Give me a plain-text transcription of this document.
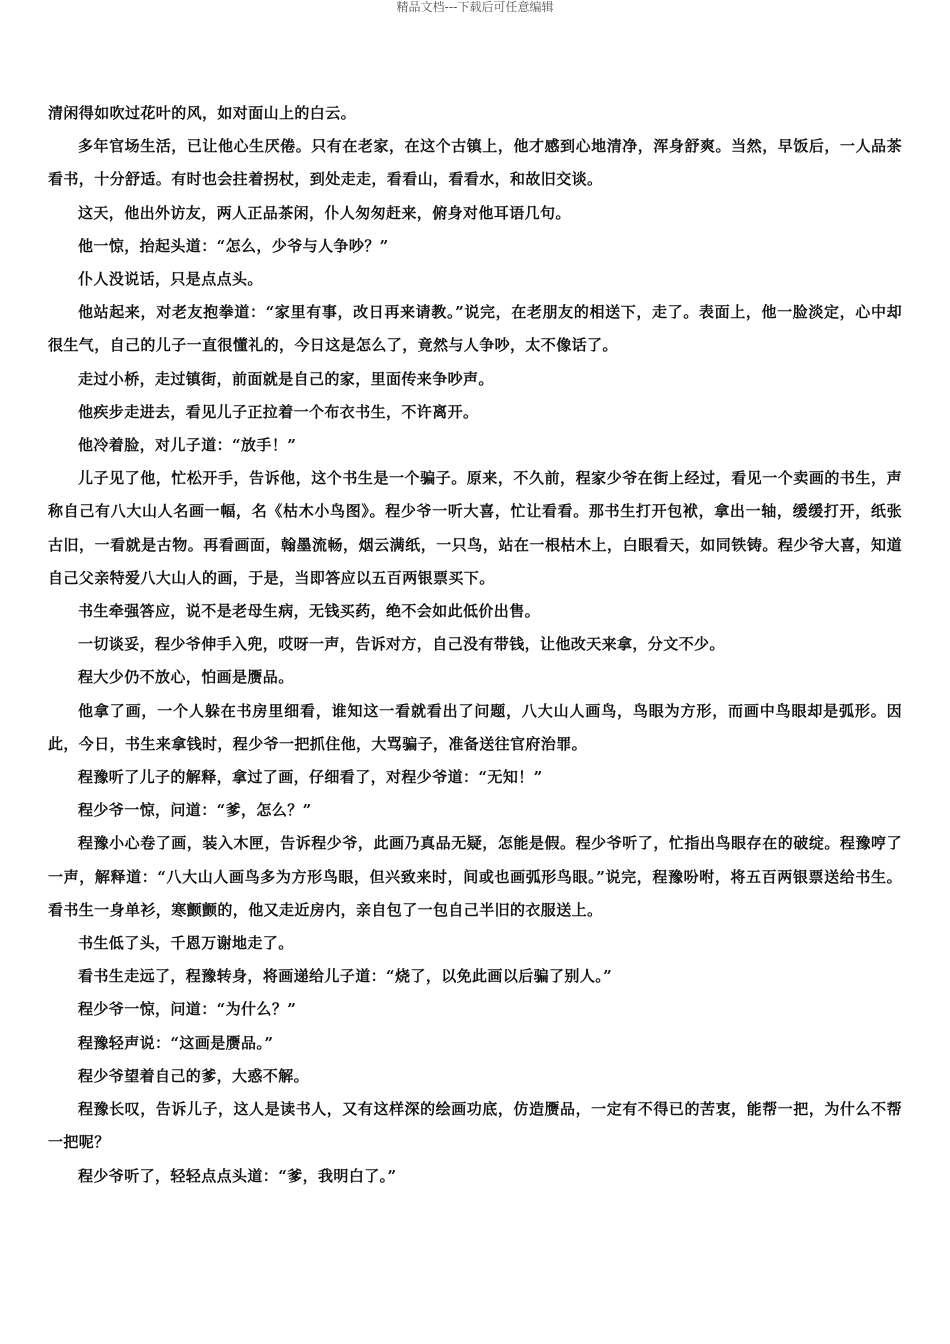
精品文档---下载后可任意编辑

清闲得如吹过花叶的风，如对面山上的白云。

多年官场生活，已让他心生厌倦。只有在老家，在这个古镇上，他才感到心地清净，浑身舒爽。当然，早饭后，一人品茶看书，十分舒适。有时也会拄着拐杖，到处走走，看看山，看看水，和故旧交谈。

这天，他出外访友，两人正品茶闲，仆人匆匆赶来，俯身对他耳语几句。

他一惊，抬起头道：“怎么，少爷与人争吵？”

仆人没说话，只是点点头。

他站起来，对老友抱拳道：“家里有事，改日再来请教。”说完，在老朋友的相送下，走了。表面上，他一脸淡定，心中却很生气，自己的儿子一直很懂礼的，今日这是怎么了，竟然与人争吵，太不像话了。

走过小桥，走过镇街，前面就是自己的家，里面传来争吵声。

他疾步走进去，看见儿子正拉着一个布衣书生，不许离开。

他冷着脸，对儿子道：“放手！”

儿子见了他，忙松开手，告诉他，这个书生是一个骗子。原来，不久前，程家少爷在街上经过，看见一个卖画的书生，声称自己有八大山人名画一幅，名《枯木小鸟图》。程少爷一听大喜，忙让看看。那书生打开包袱，拿出一轴，缓缓打开，纸张古旧，一看就是古物。再看画面，翰墨流畅，烟云满纸，一只鸟，站在一根枯木上，白眼看天，如同铁铸。程少爷大喜，知道自己父亲特爱八大山人的画，于是，当即答应以五百两银票买下。

书生牵强答应，说不是老母生病，无钱买药，绝不会如此低价出售。

一切谈妥，程少爷伸手入兜，哎呀一声，告诉对方，自己没有带钱，让他改天来拿，分文不少。

程大少仍不放心，怕画是赝品。

他拿了画，一个人躲在书房里细看，谁知这一看就看出了问题，八大山人画鸟，鸟眼为方形，而画中鸟眼却是弧形。因此，今日，书生来拿钱时，程少爷一把抓住他，大骂骗子，准备送往官府治罪。

程豫听了儿子的解释，拿过了画，仔细看了，对程少爷道：“无知！”

程少爷一惊，问道：“爹，怎么？”

程豫小心卷了画，装入木匣，告诉程少爷，此画乃真品无疑，怎能是假。程少爷听了，忙指出鸟眼存在的破绽。程豫哼了一声，解释道：“八大山人画鸟多为方形鸟眼，但兴致来时，间或也画弧形鸟眼。”说完，程豫吩咐，将五百两银票送给书生。看书生一身单衫，寒颤颤的，他又走近房内，亲自包了一包自己半旧的衣服送上。

书生低了头，千恩万谢地走了。

看书生走远了，程豫转身，将画递给儿子道：“烧了，以免此画以后骗了别人。”

程少爷一惊，问道：“为什么？”

程豫轻声说：“这画是赝品。”

程少爷望着自己的爹，大惑不解。

程豫长叹，告诉儿子，这人是读书人，又有这样深的绘画功底，仿造赝品，一定有不得已的苦衷，能帮一把，为什么不帮一把呢？

程少爷听了，轻轻点点头道：“爹，我明白了。”
